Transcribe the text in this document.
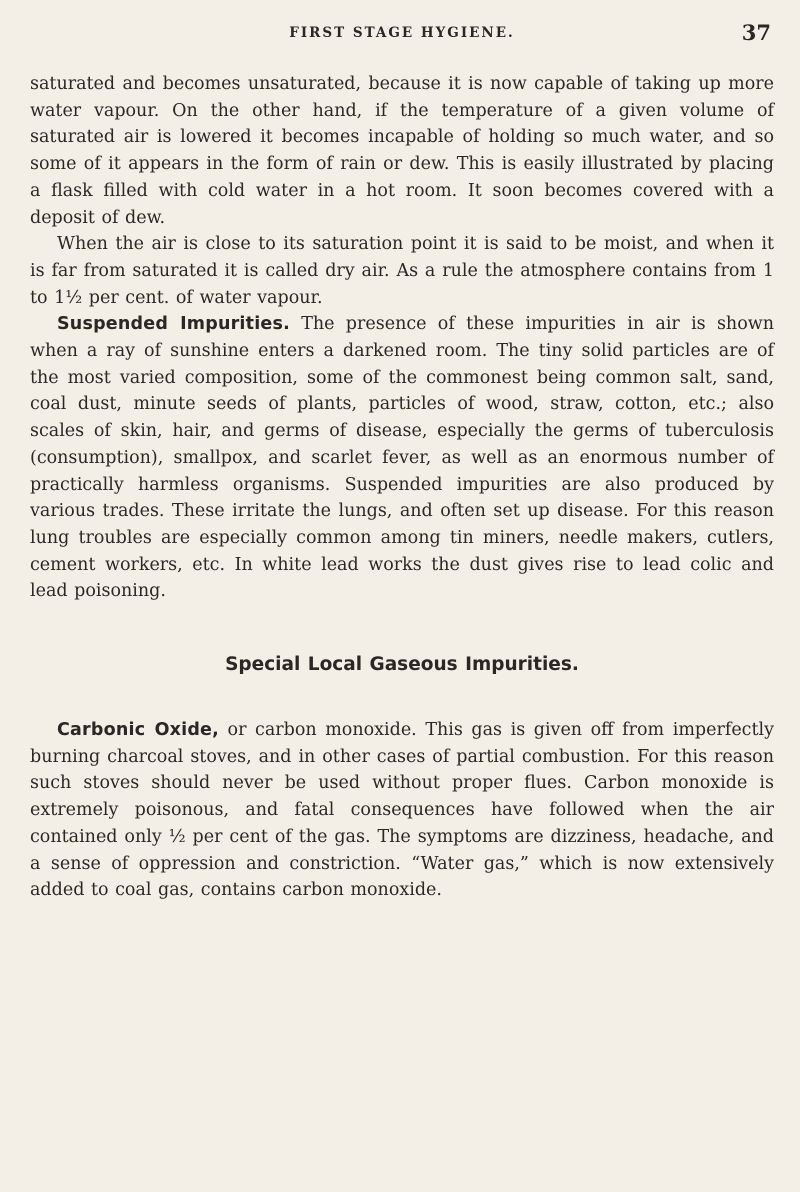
FIRST STAGE HYGIENE.	37

saturated and becomes unsaturated, because it is now capable of taking up more water vapour. On the other hand, if the temperature of a given volume of saturated air is lowered it becomes incapable of holding so much water, and so some of it appears in the form of rain or dew. This is easily illustrated by placing a flask filled with cold water in a hot room. It soon becomes covered with a deposit of dew.

When the air is close to its saturation point it is said to be moist, and when it is far from saturated it is called dry air. As a rule the atmosphere contains from 1 to 1½ per cent. of water vapour.

Suspended Impurities. The presence of these impurities in air is shown when a ray of sunshine enters a darkened room. The tiny solid particles are of the most varied composition, some of the commonest being common salt, sand, coal dust, minute seeds of plants, particles of wood, straw, cotton, etc.; also scales of skin, hair, and germs of disease, especially the germs of tuberculosis (consumption), smallpox, and scarlet fever, as well as an enormous number of practically harmless organisms. Suspended impurities are also produced by various trades. These irritate the lungs, and often set up disease. For this reason lung troubles are especially common among tin miners, needle makers, cutlers, cement workers, etc. In white lead works the dust gives rise to lead colic and lead poisoning.

Special Local Gaseous Impurities.

Carbonic Oxide, or carbon monoxide. This gas is given off from imperfectly burning charcoal stoves, and in other cases of partial combustion. For this reason such stoves should never be used without proper flues. Carbon monoxide is extremely poisonous, and fatal consequences have followed when the air contained only ½ per cent of the gas. The symptoms are dizziness, headache, and a sense of oppression and constriction. “Water gas,” which is now extensively added to coal gas, contains carbon monoxide.
